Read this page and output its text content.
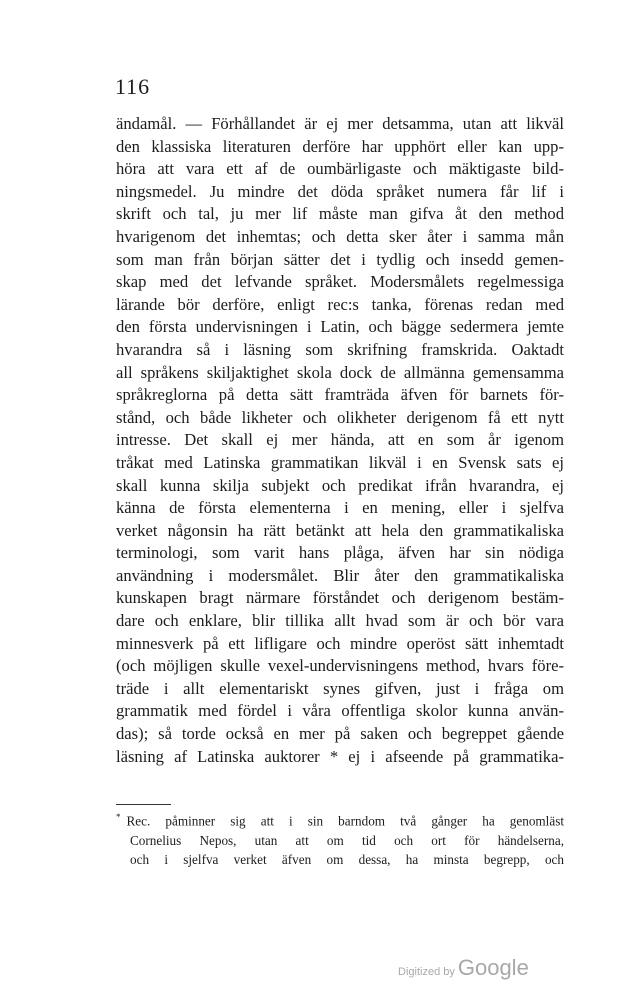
116
ändamål. — Förhållandet är ej mer detsamma, utan att likväl
den klassiska literaturen derföre har upphört eller kan upp-
höra att vara ett af de oumbärligaste och mäktigaste bild-
ningsmedel. Ju mindre det döda språket numera får lif i
skrift och tal, ju mer lif måste man gifva åt den method
hvarigenom det inhemtas; och detta sker åter i samma mån
som man från början sätter det i tydlig och insedd gemen-
skap med det lefvande språket. Modersmålets regelmessiga
lärande bör derföre, enligt rec:s tanka, förenas redan med
den första undervisningen i Latin, och bägge sedermera jemte
hvarandra så i läsning som skrifning framskrida. Oaktadt
all språkens skiljaktighet skola dock de allmänna gemensamma
språkreglorna på detta sätt framträda äfven för barnets för-
stånd, och både likheter och olikheter derigenom få ett nytt
intresse. Det skall ej mer hända, att en som år igenom
tråkat med Latinska grammatikan likväl i en Svensk sats ej
skall kunna skilja subjekt och predikat ifrån hvarandra, ej
känna de första elementerna i en mening, eller i sjelfva
verket någonsin ha rätt betänkt att hela den grammatikaliska
terminologi, som varit hans plåga, äfven har sin nödiga
användning i modersmålet. Blir åter den grammatikaliska
kunskapen bragt närmare förståndet och derigenom bestäm-
dare och enklare, blir tillika allt hvad som är och bör vara
minnesverk på ett lifligare och mindre operöst sätt inhemtadt
(och möjligen skulle vexel-undervisningens method, hvars före-
träde i allt elementariskt synes gifven, just i fråga om
grammatik med fördel i våra offentliga skolor kunna använ-
das); så torde också en mer på saken och begreppet gående
läsning af Latinska auktorer * ej i afseende på grammatika-
* Rec. påminner sig att i sin barndom två gånger ha genomläst
Cornelius Nepos, utan att om tid och ort för händelserna,
och i sjelfva verket äfven om dessa, ha minsta begrepp, och
Digitized by Google
